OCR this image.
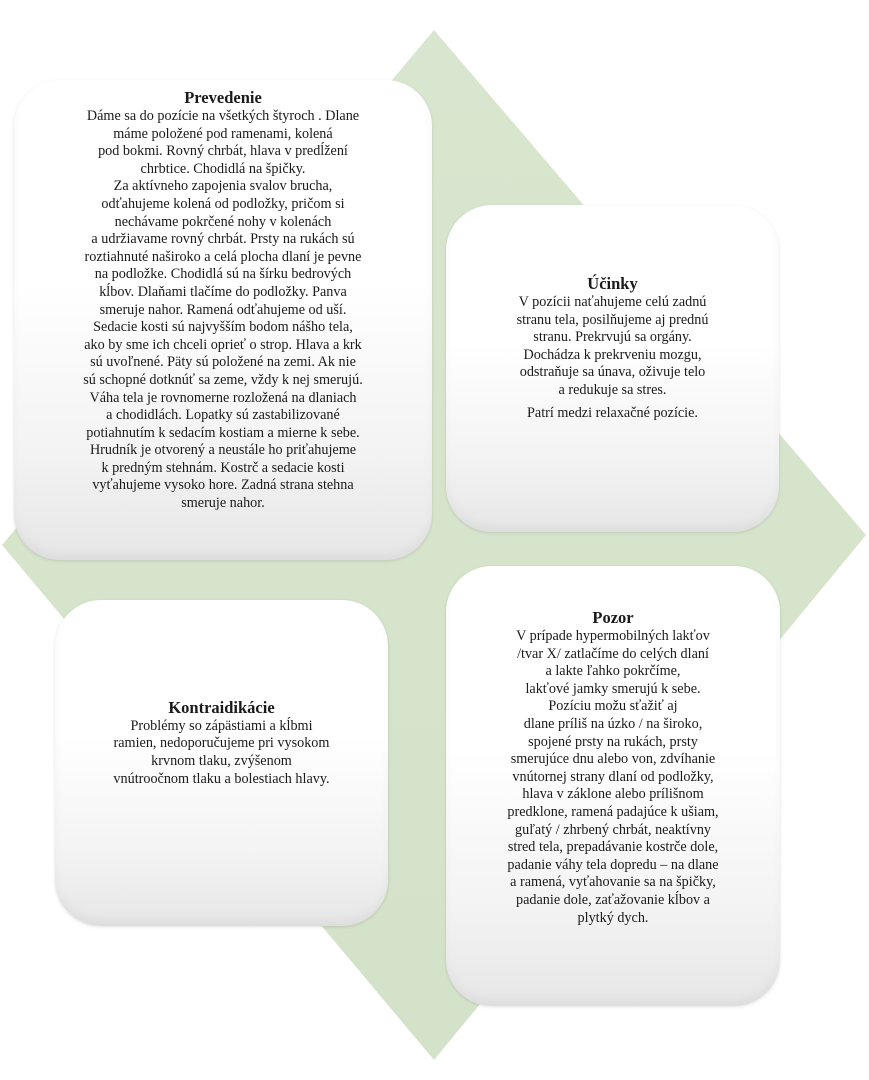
Prevedenie

Dáme sa do pozície na všetkých štyroch . Dlane
máme položené pod ramenami, kolená
pod bokmi. Rovný chrbát, hlava v predĺžení
chrbtice. Chodidlá na špičky.
Za aktívneho zapojenia svalov brucha,
odťahujeme kolená od podložky, pričom si
nechávame pokrčené nohy v kolenách
a udržiavame rovný chrbát. Prsty na rukách sú
roztiahnuté naširoko a celá plocha dlaní je pevne
na podložke. Chodidlá sú na šírku bedrových
kĺbov. Dlaňami tlačíme do podložky. Panva
smeruje nahor. Ramená odťahujeme od uší.
Sedacie kosti sú najvyšším bodom nášho tela,
ako by sme ich chceli oprieť o strop. Hlava a krk
sú uvoľnené. Päty sú položené na zemi. Ak nie
sú schopné dotknúť sa zeme, vždy k nej smerujú.
Váha tela je rovnomerne rozložená na dlaniach
a chodidlách. Lopatky sú zastabilizované
potiahnutím k sedacím kostiam a mierne k sebe.
Hrudník je otvorený a neustále ho priťahujeme
k predným stehnám. Kostrč a sedacie kosti
vyťahujeme vysoko hore. Zadná strana stehna
smeruje nahor.

Účinky

V pozícii naťahujeme celú zadnú
stranu tela, posilňujeme aj prednú
stranu. Prekrvujú sa orgány.
Dochádza k prekrveniu mozgu,
odstraňuje sa únava, oživuje telo
a redukuje sa stres.

Patrí medzi relaxačné pozície.

Kontraidikácie

Problémy so zápästiami a kĺbmi
ramien, nedoporučujeme pri vysokom
krvnom tlaku, zvýšenom
vnútroočnom tlaku a bolestiach hlavy.

Pozor

V prípade hypermobilných lakťov
/tvar X/ zatlačíme do celých dlaní
a lakte ľahko pokrčíme,
lakťové jamky smerujú k sebe.
Pozíciu možu sťažiť aj
dlane príliš na úzko / na široko,
spojené prsty na rukách, prsty
smerujúce dnu alebo von, zdvíhanie
vnútornej strany dlaní od podložky,
hlava v záklone alebo prílišnom
predklone, ramená padajúce k ušiam,
guľatý / zhrbený chrbát, neaktívny
stred tela, prepadávanie kostrče dole,
padanie váhy tela dopredu – na dlane
a ramená, vyťahovanie sa na špičky,
padanie dole, zaťažovanie kĺbov a
plytký dych.
